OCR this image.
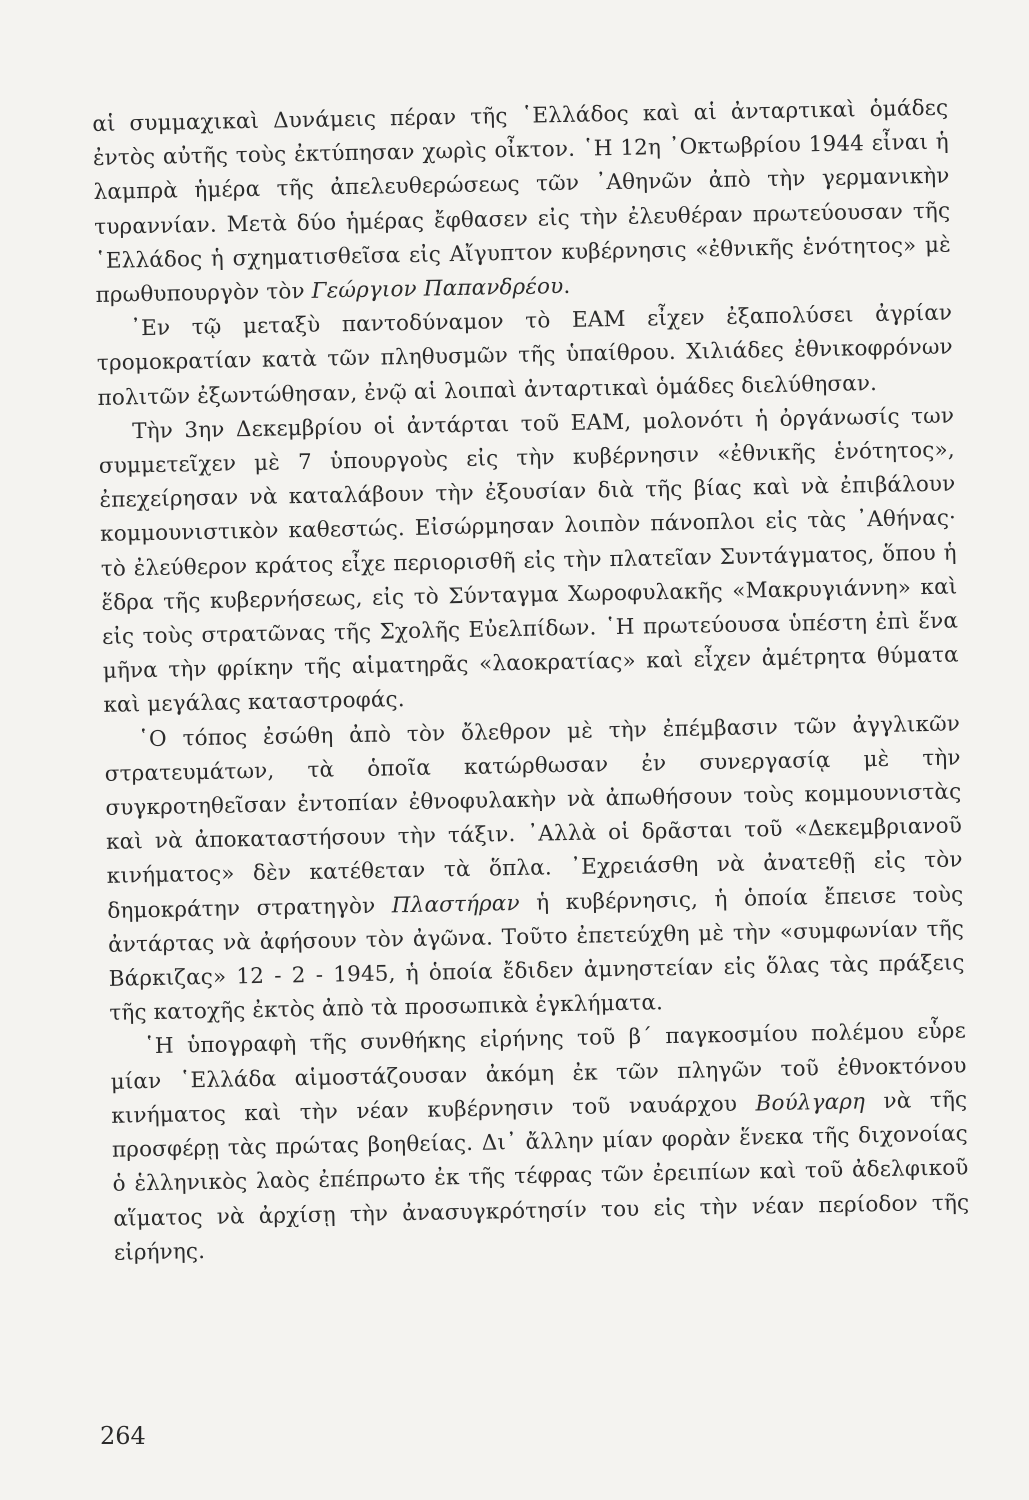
αἱ συμμαχικαὶ Δυνάμεις πέραν τῆς ῾Ελλάδος καὶ αἱ ἀνταρτικαὶ ὁμάδες ἐντὸς αὐτῆς τοὺς ἐκτύπησαν χωρὶς οἶκτον. ῾Η 12η ᾿Οκτωβρίου 1944 εἶναι ἡ λαμπρὰ ἡμέρα τῆς ἀπελευθερώσεως τῶν ᾿Αθηνῶν ἀπὸ τὴν γερμανικὴν τυραννίαν. Μετὰ δύο ἡμέρας ἔφθασεν εἰς τὴν ἐλευθέραν πρωτεύουσαν τῆς ῾Ελλάδος ἡ σχηματισθεῖσα εἰς Αἴγυπτον κυβέρνησις «ἐθνικῆς ἑνότητος» μὲ πρωθυπουργὸν τὸν Γεώργιον Παπανδρέου.

᾿Εν τῷ μεταξὺ παντοδύναμον τὸ ΕΑΜ εἶχεν ἐξαπολύσει ἀγρίαν τρομοκρατίαν κατὰ τῶν πληθυσμῶν τῆς ὑπαίθρου. Χιλιάδες ἐθνικοφρόνων πολιτῶν ἐξωντώθησαν, ἐνῷ αἱ λοιπαὶ ἀνταρτικαὶ ὁμάδες διελύθησαν.

Τὴν 3ην Δεκεμβρίου οἱ ἀντάρται τοῦ ΕΑΜ, μολονότι ἡ ὀργάνωσίς των συμμετεῖχεν μὲ 7 ὑπουργοὺς εἰς τὴν κυβέρνησιν «ἐθνικῆς ἑνότητος», ἐπεχείρησαν νὰ καταλάβουν τὴν ἐξουσίαν διὰ τῆς βίας καὶ νὰ ἐπιβάλουν κομμουνιστικὸν καθεστώς. Εἰσώρμησαν λοιπὸν πάνοπλοι εἰς τὰς ᾿Αθήνας· τὸ ἐλεύθερον κράτος εἶχε περιορισθῆ εἰς τὴν πλατεῖαν Συντάγματος, ὅπου ἡ ἕδρα τῆς κυβερνήσεως, εἰς τὸ Σύνταγμα Χωροφυλακῆς «Μακρυγιάννη» καὶ εἰς τοὺς στρατῶνας τῆς Σχολῆς Εὐελπίδων. ῾Η πρωτεύουσα ὑπέστη ἐπὶ ἕνα μῆνα τὴν φρίκην τῆς αἱματηρᾶς «λαοκρατίας» καὶ εἶχεν ἀμέτρητα θύματα καὶ μεγάλας καταστροφάς.

῾Ο τόπος ἐσώθη ἀπὸ τὸν ὄλεθρον μὲ τὴν ἐπέμβασιν τῶν ἀγγλικῶν στρατευμάτων, τὰ ὁποῖα κατώρθωσαν ἐν συνεργασίᾳ μὲ τὴν συγκροτηθεῖσαν ἐντοπίαν ἐθνοφυλακὴν νὰ ἀπωθήσουν τοὺς κομμουνιστὰς καὶ νὰ ἀποκαταστήσουν τὴν τάξιν. ᾿Αλλὰ οἱ δρᾶσται τοῦ «Δεκεμβριανοῦ κινήματος» δὲν κατέθεταν τὰ ὅπλα. ᾿Εχρειάσθη νὰ ἀνατεθῇ εἰς τὸν δημοκράτην στρατηγὸν Πλαστήραν ἡ κυβέρνησις, ἡ ὁποία ἔπεισε τοὺς ἀντάρτας νὰ ἀφήσουν τὸν ἀγῶνα. Τοῦτο ἐπετεύχθη μὲ τὴν «συμφωνίαν τῆς Βάρκιζας» 12 - 2 - 1945, ἡ ὁποία ἔδιδεν ἀμνηστείαν εἰς ὅλας τὰς πράξεις τῆς κατοχῆς ἐκτὸς ἀπὸ τὰ προσωπικὰ ἐγκλήματα.

῾Η ὑπογραφὴ τῆς συνθήκης εἰρήνης τοῦ β΄ παγκοσμίου πολέμου εὗρε μίαν ῾Ελλάδα αἱμοστάζουσαν ἀκόμη ἐκ τῶν πληγῶν τοῦ ἐθνοκτόνου κινήματος καὶ τὴν νέαν κυβέρνησιν τοῦ ναυάρχου Βούλγαρη νὰ τῆς προσφέρῃ τὰς πρώτας βοηθείας. Δι᾿ ἄλλην μίαν φορὰν ἕνεκα τῆς διχονοίας ὁ ἑλληνικὸς λαὸς ἐπέπρωτο ἐκ τῆς τέφρας τῶν ἐρειπίων καὶ τοῦ ἀδελφικοῦ αἵματος νὰ ἀρχίσῃ τὴν ἀνασυγκρότησίν του εἰς τὴν νέαν περίοδον τῆς εἰρήνης.

264
